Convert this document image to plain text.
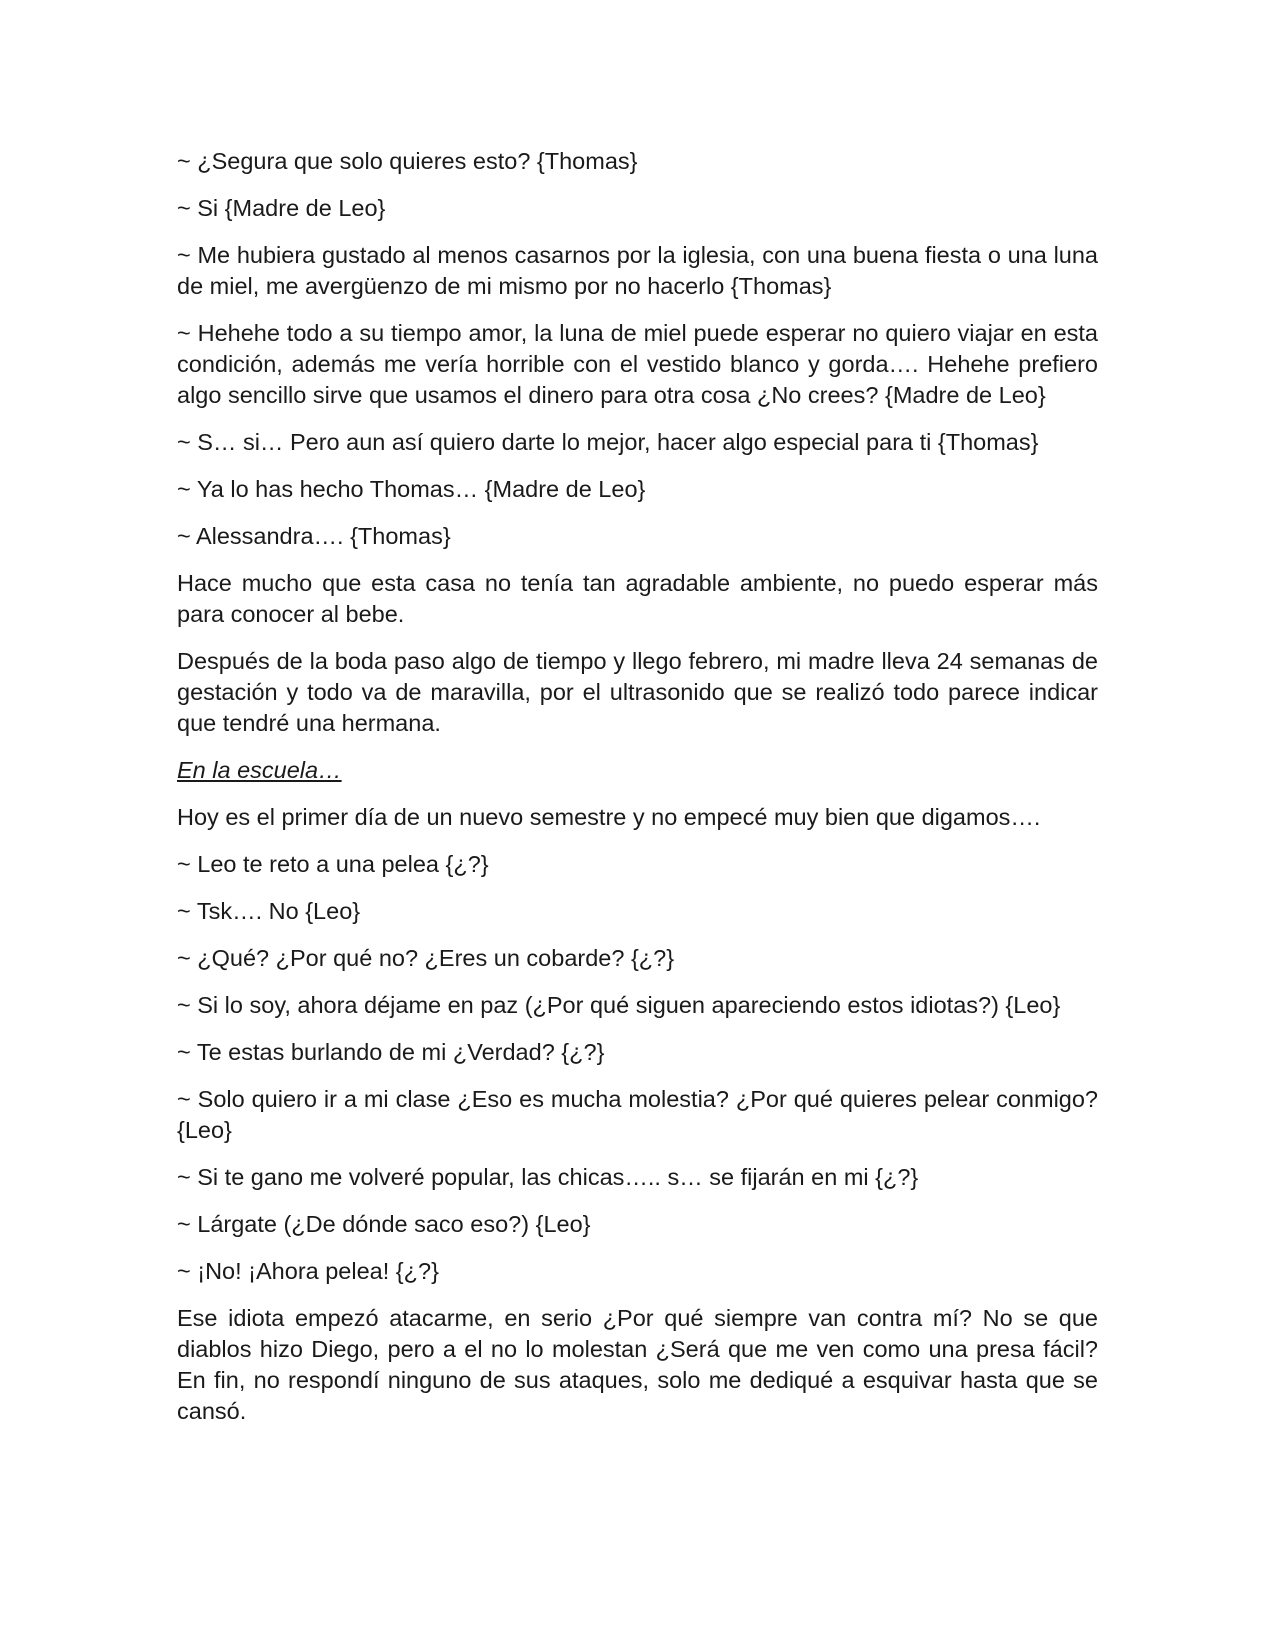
~ ¿Segura que solo quieres esto? {Thomas}

~ Si {Madre de Leo}

~ Me hubiera gustado al menos casarnos por la iglesia, con una buena fiesta o una luna de miel, me avergüenzo de mi mismo por no hacerlo {Thomas}

~ Hehehe todo a su tiempo amor, la luna de miel puede esperar no quiero viajar en esta condición, además me vería horrible con el vestido blanco y gorda…. Hehehe prefiero algo sencillo sirve que usamos el dinero para otra cosa ¿No crees? {Madre de Leo}

~ S… si… Pero aun así quiero darte lo mejor, hacer algo especial para ti {Thomas}

~ Ya lo has hecho Thomas… {Madre de Leo}

~ Alessandra…. {Thomas}

Hace mucho que esta casa no tenía tan agradable ambiente, no puedo esperar más para conocer al bebe.

Después de la boda paso algo de tiempo y llego febrero, mi madre lleva 24 semanas de gestación y todo va de maravilla, por el ultrasonido que se realizó todo parece indicar que tendré una hermana.

En la escuela…

Hoy es el primer día de un nuevo semestre y no empecé muy bien que digamos….

~ Leo te reto a una pelea {¿?}

~ Tsk…. No {Leo}

~ ¿Qué? ¿Por qué no? ¿Eres un cobarde? {¿?}

~ Si lo soy, ahora déjame en paz (¿Por qué siguen apareciendo estos idiotas?) {Leo}

~ Te estas burlando de mi ¿Verdad? {¿?}

~ Solo quiero ir a mi clase ¿Eso es mucha molestia? ¿Por qué quieres pelear conmigo? {Leo}

~ Si te gano me volveré popular, las chicas….. s… se fijarán en mi {¿?}

~ Lárgate (¿De dónde saco eso?) {Leo}

~ ¡No! ¡Ahora pelea! {¿?}

Ese idiota empezó atacarme, en serio ¿Por qué siempre van contra mí? No se que diablos hizo Diego, pero a el no lo molestan ¿Será que me ven como una presa fácil? En fin, no respondí ninguno de sus ataques, solo me dediqué a esquivar hasta que se cansó.
